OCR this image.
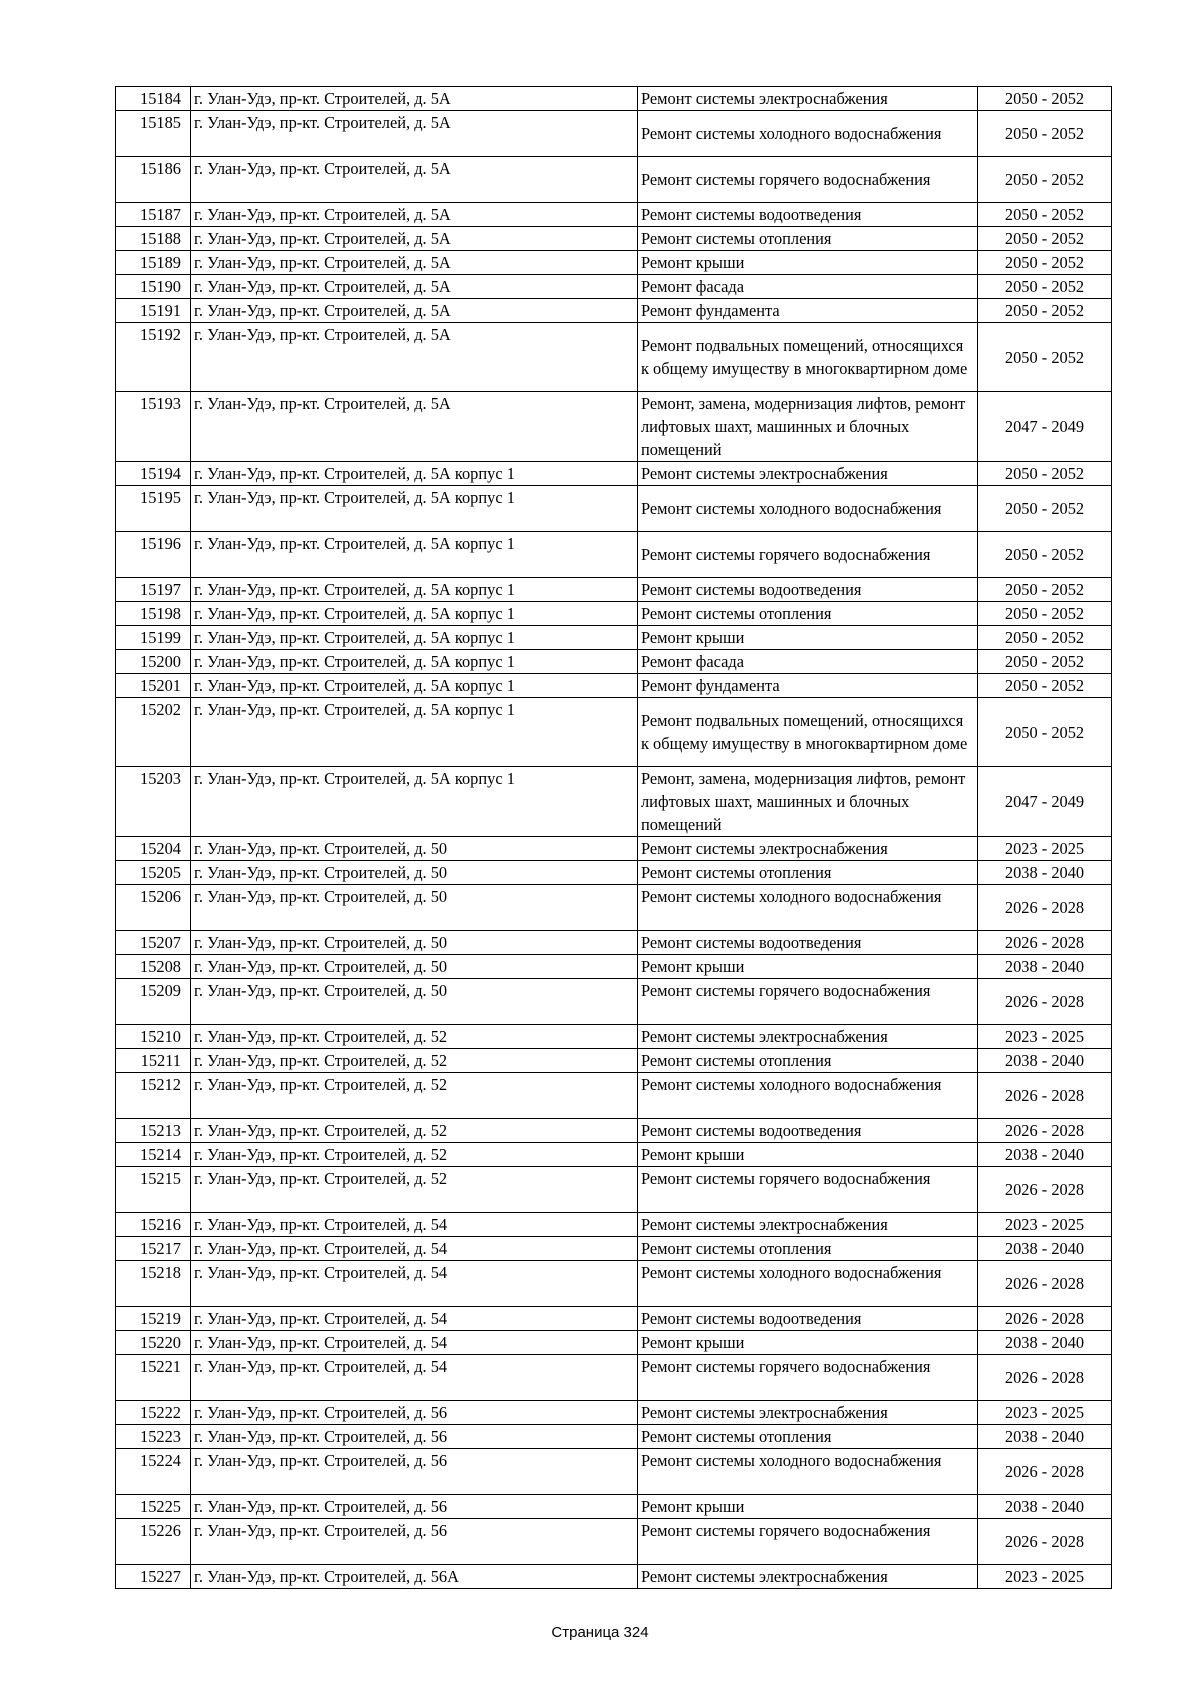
15184	г. Улан-Удэ, пр-кт. Строителей, д. 5А	Ремонт системы электроснабжения	2050 - 2052
15185	г. Улан-Удэ, пр-кт. Строителей, д. 5А	Ремонт системы холодного водоснабжения	2050 - 2052
15186	г. Улан-Удэ, пр-кт. Строителей, д. 5А	Ремонт системы горячего водоснабжения	2050 - 2052
15187	г. Улан-Удэ, пр-кт. Строителей, д. 5А	Ремонт системы водоотведения	2050 - 2052
15188	г. Улан-Удэ, пр-кт. Строителей, д. 5А	Ремонт системы отопления	2050 - 2052
15189	г. Улан-Удэ, пр-кт. Строителей, д. 5А	Ремонт крыши	2050 - 2052
15190	г. Улан-Удэ, пр-кт. Строителей, д. 5А	Ремонт фасада	2050 - 2052
15191	г. Улан-Удэ, пр-кт. Строителей, д. 5А	Ремонт фундамента	2050 - 2052
15192	г. Улан-Удэ, пр-кт. Строителей, д. 5А	Ремонт подвальных помещений, относящихся к общему имуществу в многоквартирном доме	2050 - 2052
15193	г. Улан-Удэ, пр-кт. Строителей, д. 5А	Ремонт, замена, модернизация лифтов, ремонт лифтовых шахт, машинных и блочных помещений	2047 - 2049
15194	г. Улан-Удэ, пр-кт. Строителей, д. 5А корпус 1	Ремонт системы электроснабжения	2050 - 2052
15195	г. Улан-Удэ, пр-кт. Строителей, д. 5А корпус 1	Ремонт системы холодного водоснабжения	2050 - 2052
15196	г. Улан-Удэ, пр-кт. Строителей, д. 5А корпус 1	Ремонт системы горячего водоснабжения	2050 - 2052
15197	г. Улан-Удэ, пр-кт. Строителей, д. 5А корпус 1	Ремонт системы водоотведения	2050 - 2052
15198	г. Улан-Удэ, пр-кт. Строителей, д. 5А корпус 1	Ремонт системы отопления	2050 - 2052
15199	г. Улан-Удэ, пр-кт. Строителей, д. 5А корпус 1	Ремонт крыши	2050 - 2052
15200	г. Улан-Удэ, пр-кт. Строителей, д. 5А корпус 1	Ремонт фасада	2050 - 2052
15201	г. Улан-Удэ, пр-кт. Строителей, д. 5А корпус 1	Ремонт фундамента	2050 - 2052
15202	г. Улан-Удэ, пр-кт. Строителей, д. 5А корпус 1	Ремонт подвальных помещений, относящихся к общему имуществу в многоквартирном доме	2050 - 2052
15203	г. Улан-Удэ, пр-кт. Строителей, д. 5А корпус 1	Ремонт, замена, модернизация лифтов, ремонт лифтовых шахт, машинных и блочных помещений	2047 - 2049
15204	г. Улан-Удэ, пр-кт. Строителей, д. 50	Ремонт системы электроснабжения	2023 - 2025
15205	г. Улан-Удэ, пр-кт. Строителей, д. 50	Ремонт системы отопления	2038 - 2040
15206	г. Улан-Удэ, пр-кт. Строителей, д. 50	Ремонт системы холодного водоснабжения	2026 - 2028
15207	г. Улан-Удэ, пр-кт. Строителей, д. 50	Ремонт системы водоотведения	2026 - 2028
15208	г. Улан-Удэ, пр-кт. Строителей, д. 50	Ремонт крыши	2038 - 2040
15209	г. Улан-Удэ, пр-кт. Строителей, д. 50	Ремонт системы горячего водоснабжения	2026 - 2028
15210	г. Улан-Удэ, пр-кт. Строителей, д. 52	Ремонт системы электроснабжения	2023 - 2025
15211	г. Улан-Удэ, пр-кт. Строителей, д. 52	Ремонт системы отопления	2038 - 2040
15212	г. Улан-Удэ, пр-кт. Строителей, д. 52	Ремонт системы холодного водоснабжения	2026 - 2028
15213	г. Улан-Удэ, пр-кт. Строителей, д. 52	Ремонт системы водоотведения	2026 - 2028
15214	г. Улан-Удэ, пр-кт. Строителей, д. 52	Ремонт крыши	2038 - 2040
15215	г. Улан-Удэ, пр-кт. Строителей, д. 52	Ремонт системы горячего водоснабжения	2026 - 2028
15216	г. Улан-Удэ, пр-кт. Строителей, д. 54	Ремонт системы электроснабжения	2023 - 2025
15217	г. Улан-Удэ, пр-кт. Строителей, д. 54	Ремонт системы отопления	2038 - 2040
15218	г. Улан-Удэ, пр-кт. Строителей, д. 54	Ремонт системы холодного водоснабжения	2026 - 2028
15219	г. Улан-Удэ, пр-кт. Строителей, д. 54	Ремонт системы водоотведения	2026 - 2028
15220	г. Улан-Удэ, пр-кт. Строителей, д. 54	Ремонт крыши	2038 - 2040
15221	г. Улан-Удэ, пр-кт. Строителей, д. 54	Ремонт системы горячего водоснабжения	2026 - 2028
15222	г. Улан-Удэ, пр-кт. Строителей, д. 56	Ремонт системы электроснабжения	2023 - 2025
15223	г. Улан-Удэ, пр-кт. Строителей, д. 56	Ремонт системы отопления	2038 - 2040
15224	г. Улан-Удэ, пр-кт. Строителей, д. 56	Ремонт системы холодного водоснабжения	2026 - 2028
15225	г. Улан-Удэ, пр-кт. Строителей, д. 56	Ремонт крыши	2038 - 2040
15226	г. Улан-Удэ, пр-кт. Строителей, д. 56	Ремонт системы горячего водоснабжения	2026 - 2028
15227	г. Улан-Удэ, пр-кт. Строителей, д. 56А	Ремонт системы электроснабжения	2023 - 2025
Страница 324
